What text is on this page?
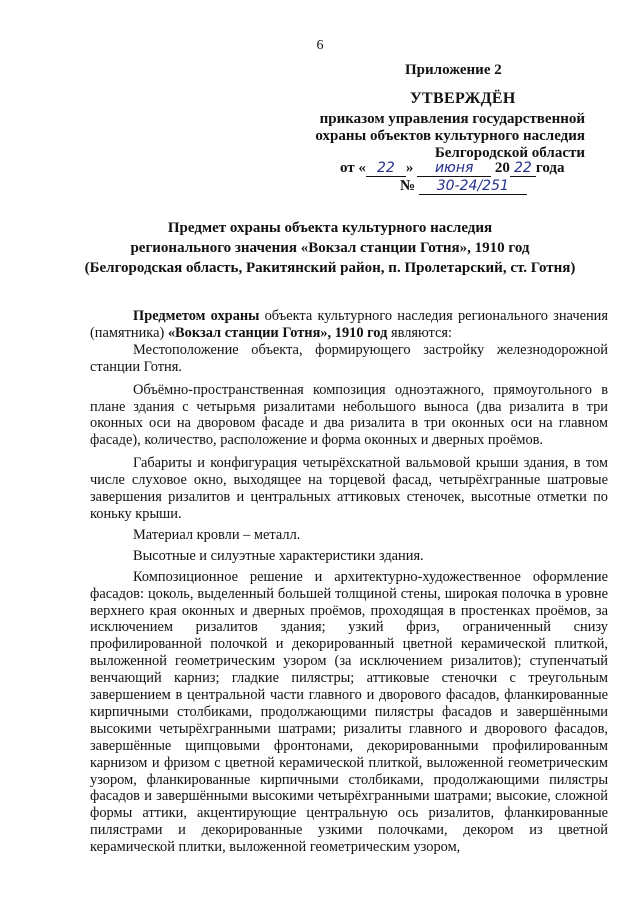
6
Приложение 2
УТВЕРЖДЁН
приказом управления государственной
охраны объектов культурного наследия
Белгородской области
от « 22 » июня 20 22 года
№ 30-24/251
Предмет охраны объекта культурного наследия
регионального значения «Вокзал станции Готня», 1910 год
(Белгородская область, Ракитянский район, п. Пролетарский, ст. Готня)

Предметом охраны объекта культурного наследия регионального значения (памятника) «Вокзал станции Готня», 1910 год являются:

Местоположение объекта, формирующего застройку железнодорожной станции Готня.

Объёмно-пространственная композиция одноэтажного, прямоугольного в плане здания с четырьмя ризалитами небольшого выноса (два ризалита в три оконных оси на дворовом фасаде и два ризалита в три оконных оси на главном фасаде), количество, расположение и форма оконных и дверных проёмов.

Габариты и конфигурация четырёхскатной вальмовой крыши здания, в том числе слуховое окно, выходящее на торцевой фасад, четырёхгранные шатровые завершения ризалитов и центральных аттиковых стеночек, высотные отметки по коньку крыши.

Материал кровли – металл.

Высотные и силуэтные характеристики здания.

Композиционное решение и архитектурно-художественное оформление фасадов: цоколь, выделенный большей толщиной стены, широкая полочка в уровне верхнего края оконных и дверных проёмов, проходящая в простенках проёмов, за исключением ризалитов здания; узкий фриз, ограниченный снизу профилированной полочкой и декорированный цветной керамической плиткой, выложенной геометрическим узором (за исключением ризалитов); ступенчатый венчающий карниз; гладкие пилястры; аттиковые стеночки с треугольным завершением в центральной части главного и дворового фасадов, фланкированные кирпичными столбиками, продолжающими пилястры фасадов и завершёнными высокими четырёхгранными шатрами; ризалиты главного и дворового фасадов, завершённые щипцовыми фронтонами, декорированными профилированным карнизом и фризом с цветной керамической плиткой, выложенной геометрическим узором, фланкированные кирпичными столбиками, продолжающими пилястры фасадов и завершёнными высокими четырёхгранными шатрами; высокие, сложной формы аттики, акцентирующие центральную ось ризалитов, фланкированные пилястрами и декорированные узкими полочками, декором из цветной керамической плитки, выложенной геометрическим узором,
